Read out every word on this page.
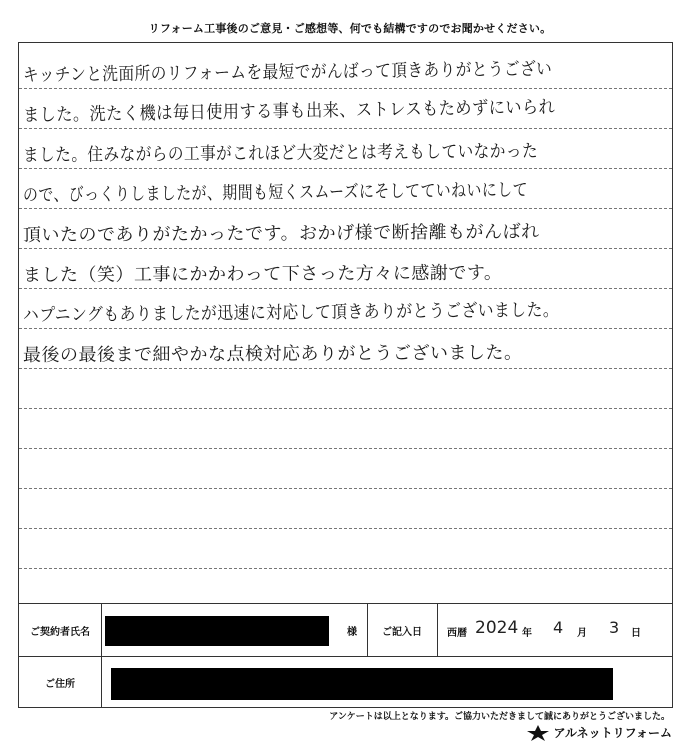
リフォーム工事後のご意見・ご感想等、何でも結構ですのでお聞かせください。
キッチンと洗面所のリフォームを最短でがんばって頂きありがとうござい
ました。洗たく機は毎日使用する事も出来、ストレスもためずにいられ
ました。住みながらの工事がこれほど大変だとは考えもしていなかった
ので、びっくりしましたが、期間も短くスムーズにそしてていねいにして
頂いたのでありがたかったです。おかげ様で断捨離もがんばれ
ました（笑）工事にかかわって下さった方々に感謝です。
ハプニングもありましたが迅速に対応して頂きありがとうございました。
最後の最後まで細やかな点検対応ありがとうございました。
ご契約者氏名	様	ご記入日	西暦 2024 年 4 月 3 日
ご住所
アンケートは以上となります。ご協力いただきまして誠にありがとうございました。
アルネットリフォーム
